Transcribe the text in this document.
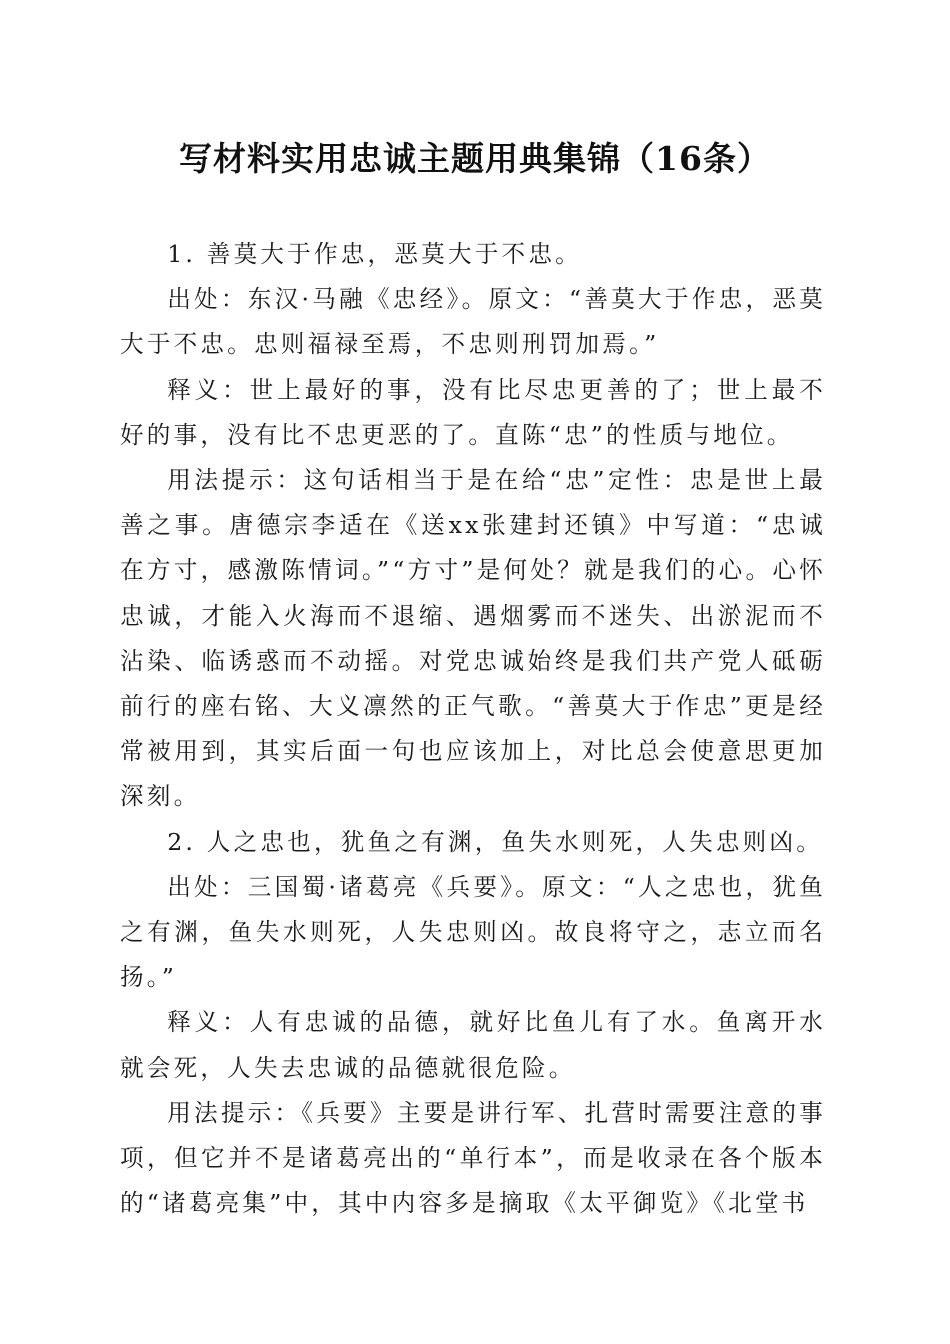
写材料实用忠诚主题用典集锦（16条）

1. 善莫大于作忠，恶莫大于不忠。

出处：东汉·马融《忠经》。原文：“善莫大于作忠，恶莫大于不忠。忠则福禄至焉，不忠则刑罚加焉。”

释义：世上最好的事，没有比尽忠更善的了；世上最不好的事，没有比不忠更恶的了。直陈“忠”的性质与地位。

用法提示：这句话相当于是在给“忠”定性：忠是世上最善之事。唐德宗李适在《送xx张建封还镇》中写道：“忠诚在方寸，感激陈情词。”“方寸”是何处？就是我们的心。心怀忠诚，才能入火海而不退缩、遇烟雾而不迷失、出淤泥而不沾染、临诱惑而不动摇。对党忠诚始终是我们共产党人砥砺前行的座右铭、大义凛然的正气歌。“善莫大于作忠”更是经常被用到，其实后面一句也应该加上，对比总会使意思更加深刻。

2. 人之忠也，犹鱼之有渊，鱼失水则死，人失忠则凶。

出处：三国蜀·诸葛亮《兵要》。原文：“人之忠也，犹鱼之有渊，鱼失水则死，人失忠则凶。故良将守之，志立而名扬。”

释义：人有忠诚的品德，就好比鱼儿有了水。鱼离开水就会死，人失去忠诚的品德就很危险。

用法提示：《兵要》主要是讲行军、扎营时需要注意的事项，但它并不是诸葛亮出的“单行本”，而是收录在各个版本的“诸葛亮集”中，其中内容多是摘取《太平御览》《北堂书
